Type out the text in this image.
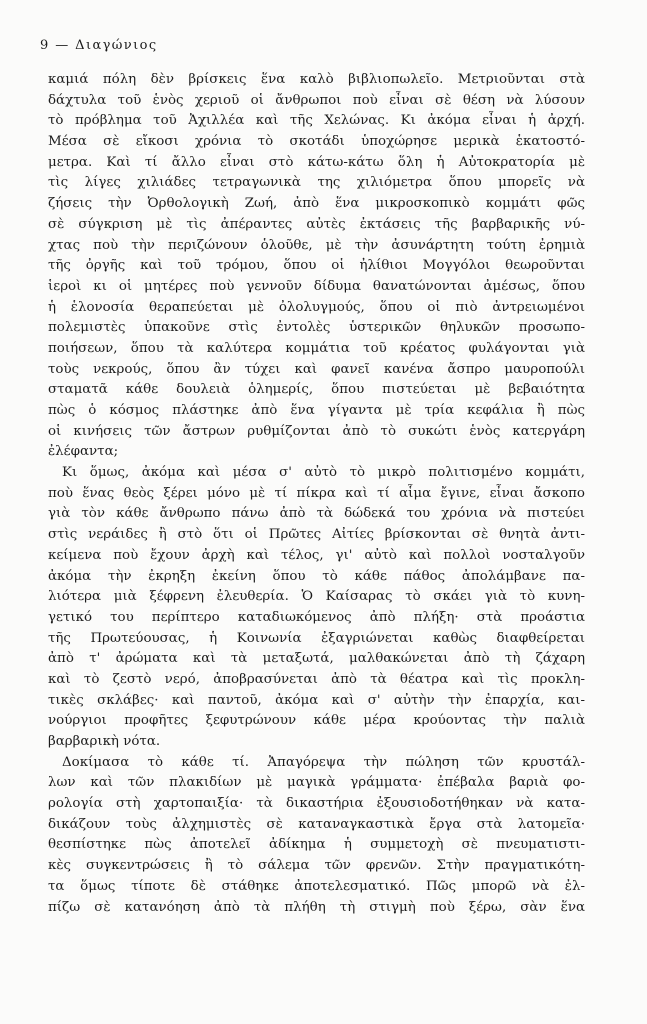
9 — Διαγώνιος
καμιά πόλη δὲν βρίσκεις ἕνα καλὸ βιβλιοπωλεῖο. Μετριοῦνται στὰ
δάχτυλα τοῦ ἑνὸς χεριοῦ οἱ ἄνθρωποι ποὺ εἶναι σὲ θέση νὰ λύσουν
τὸ πρόβλημα τοῦ Ἀχιλλέα καὶ τῆς Χελώνας. Κι ἀκόμα εἶναι ἡ ἀρχή.
Μέσα σὲ εἴκοσι χρόνια τὸ σκοτάδι ὑποχώρησε μερικὰ ἑκατοστό-
μετρα. Καὶ τί ἄλλο εἶναι στὸ κάτω-κάτω ὅλη ἡ Αὐτοκρατορία μὲ
τὶς λίγες χιλιάδες τετραγωνικὰ της χιλιόμετρα ὅπου μπορεῖς νὰ
ζήσεις τὴν Ὀρθολογικὴ Ζωή, ἀπὸ ἕνα μικροσκοπικὸ κομμάτι φῶς
σὲ σύγκριση μὲ τὶς ἀπέραντες αὐτὲς ἐκτάσεις τῆς βαρβαρικῆς νύ-
χτας ποὺ τὴν περιζώνουν ὁλοῦθε, μὲ τὴν ἀσυνάρτητη τούτη ἐρημιὰ
τῆς ὀργῆς καὶ τοῦ τρόμου, ὅπου οἱ ἠλίθιοι Μογγόλοι θεωροῦνται
ἱεροὶ κι οἱ μητέρες ποὺ γεννοῦν δίδυμα θανατώνονται ἀμέσως, ὅπου
ἡ ἑλονοσία θεραπεύεται μὲ ὀλολυγμούς, ὅπου οἱ πιὸ ἀντρειωμένοι
πολεμιστὲς ὑπακοῦνε στὶς ἐντολὲς ὑστερικῶν θηλυκῶν προσωπο-
ποιήσεων, ὅπου τὰ καλύτερα κομμάτια τοῦ κρέατος φυλάγονται γιὰ
τοὺς νεκρούς, ὅπου ἂν τύχει καὶ φανεῖ κανένα ἄσπρο μαυροπούλι
σταματᾶ κάθε δουλειὰ ὁλημερίς, ὅπου πιστεύεται μὲ βεβαιότητα
πὼς ὁ κόσμος πλάστηκε ἀπὸ ἕνα γίγαντα μὲ τρία κεφάλια ἢ πὼς
οἱ κινήσεις τῶν ἄστρων ρυθμίζονται ἀπὸ τὸ συκώτι ἑνὸς κατεργάρη
ἐλέφαντα;
Κι ὅμως, ἀκόμα καὶ μέσα σ' αὐτὸ τὸ μικρὸ πολιτισμένο κομμάτι,
ποὺ ἕνας θεὸς ξέρει μόνο μὲ τί πίκρα καὶ τί αἷμα ἔγινε, εἶναι ἄσκοπο
γιὰ τὸν κάθε ἄνθρωπο πάνω ἀπὸ τὰ δώδεκά του χρόνια νὰ πιστεύει
στὶς νεράιδες ἢ στὸ ὅτι οἱ Πρῶτες Αἰτίες βρίσκονται σὲ θνητὰ ἀντι-
κείμενα ποὺ ἔχουν ἀρχὴ καὶ τέλος, γι' αὐτὸ καὶ πολλοὶ νοσταλγοῦν
ἀκόμα τὴν ἐκρηξη ἐκείνη ὅπου τὸ κάθε πάθος ἀπολάμβανε πα-
λιότερα μιὰ ξέφρενη ἐλευθερία. Ὁ Καίσαρας τὸ σκάει γιὰ τὸ κυνη-
γετικό του περίπτερο καταδιωκόμενος ἀπὸ πλήξη· στὰ προάστια
τῆς Πρωτεύουσας, ἡ Κοινωνία ἐξαγριώνεται καθὼς διαφθείρεται
ἀπὸ τ' ἀρώματα καὶ τὰ μεταξωτά, μαλθακώνεται ἀπὸ τὴ ζάχαρη
καὶ τὸ ζεστὸ νερό, ἀποβρασύνεται ἀπὸ τὰ θέατρα καὶ τὶς προκλη-
τικὲς σκλάβες· καὶ παντοῦ, ἀκόμα καὶ σ' αὐτὴν τὴν ἐπαρχία, και-
νούργιοι προφῆτες ξεφυτρώνουν κάθε μέρα κρούοντας τὴν παλιὰ
βαρβαρικὴ νότα.
Δοκίμασα τὸ κάθε τί. Ἀπαγόρεψα τὴν πώληση τῶν κρυστάλ-
λων καὶ τῶν πλακιδίων μὲ μαγικὰ γράμματα· ἐπέβαλα βαριὰ φο-
ρολογία στὴ χαρτοπαιξία· τὰ δικαστήρια ἐξουσιοδοτήθηκαν νὰ κατα-
δικάζουν τοὺς ἀλχημιστὲς σὲ καταναγκαστικὰ ἔργα στὰ λατομεῖα·
θεσπίστηκε πὼς ἀποτελεῖ ἀδίκημα ἡ συμμετοχὴ σὲ πνευματιστι-
κὲς συγκεντρώσεις ἢ τὸ σάλεμα τῶν φρενῶν. Στὴν πραγματικότη-
τα ὅμως τίποτε δὲ στάθηκε ἀποτελεσματικό. Πῶς μπορῶ νὰ ἐλ-
πίζω σὲ κατανόηση ἀπὸ τὰ πλήθη τὴ στιγμὴ ποὺ ξέρω, σὰν ἕνα
